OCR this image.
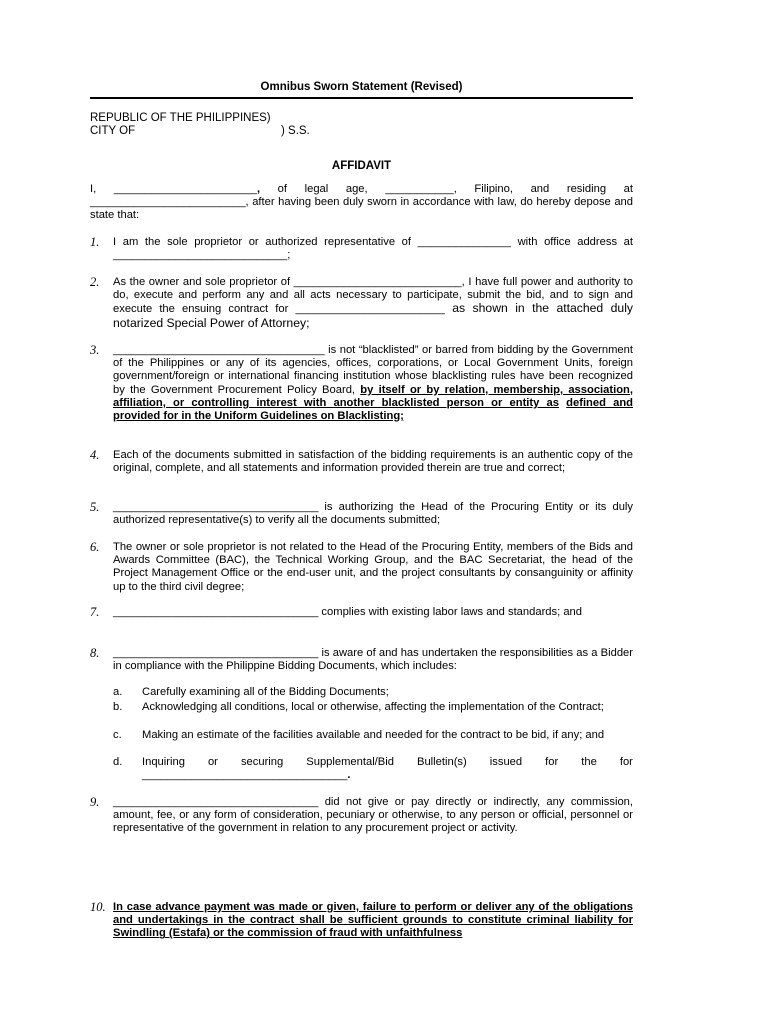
Omnibus Sworn Statement (Revised)
REPUBLIC OF THE PHILIPPINES)
CITY OF	) S.S.
AFFIDAVIT
I, _______________________, of legal age, ___________, Filipino, and residing at _________________________, after having been duly sworn in accordance with law, do hereby depose and state that:
1. I am the sole proprietor or authorized representative of _______________ with office address at ____________________________;
2. As the owner and sole proprietor of ___________________________, I have full power and authority to do, execute and perform any and all acts necessary to participate, submit the bid, and to sign and execute the ensuing contract for ________________________ as shown in the attached duly notarized Special Power of Attorney;
3. __________________________________ is not “blacklisted” or barred from bidding by the Government of the Philippines or any of its agencies, offices, corporations, or Local Government Units, foreign government/foreign or international financing institution whose blacklisting rules have been recognized by the Government Procurement Policy Board, by itself or by relation, membership, association, affiliation, or controlling interest with another blacklisted person or entity as defined and provided for in the Uniform Guidelines on Blacklisting;
4. Each of the documents submitted in satisfaction of the bidding requirements is an authentic copy of the original, complete, and all statements and information provided therein are true and correct;
5. _________________________________ is authorizing the Head of the Procuring Entity or its duly authorized representative(s) to verify all the documents submitted;
6. The owner or sole proprietor is not related to the Head of the Procuring Entity, members of the Bids and Awards Committee (BAC), the Technical Working Group, and the BAC Secretariat, the head of the Project Management Office or the end-user unit, and the project consultants by consanguinity or affinity up to the third civil degree;
7. _________________________________ complies with existing labor laws and standards; and
8. _________________________________ is aware of and has undertaken the responsibilities as a Bidder in compliance with the Philippine Bidding Documents, which includes:
a. Carefully examining all of the Bidding Documents;
b. Acknowledging all conditions, local or otherwise, affecting the implementation of the Contract;
c. Making an estimate of the facilities available and needed for the contract to be bid, if any; and
d. Inquiring or securing Supplemental/Bid Bulletin(s) issued for the for
_________________________________.
9. _________________________________ did not give or pay directly or indirectly, any commission, amount, fee, or any form of consideration, pecuniary or otherwise, to any person or official, personnel or representative of the government in relation to any procurement project or activity.
10. In case advance payment was made or given, failure to perform or deliver any of the obligations and undertakings in the contract shall be sufficient grounds to constitute criminal liability for Swindling (Estafa) or the commission of fraud with unfaithfulness
